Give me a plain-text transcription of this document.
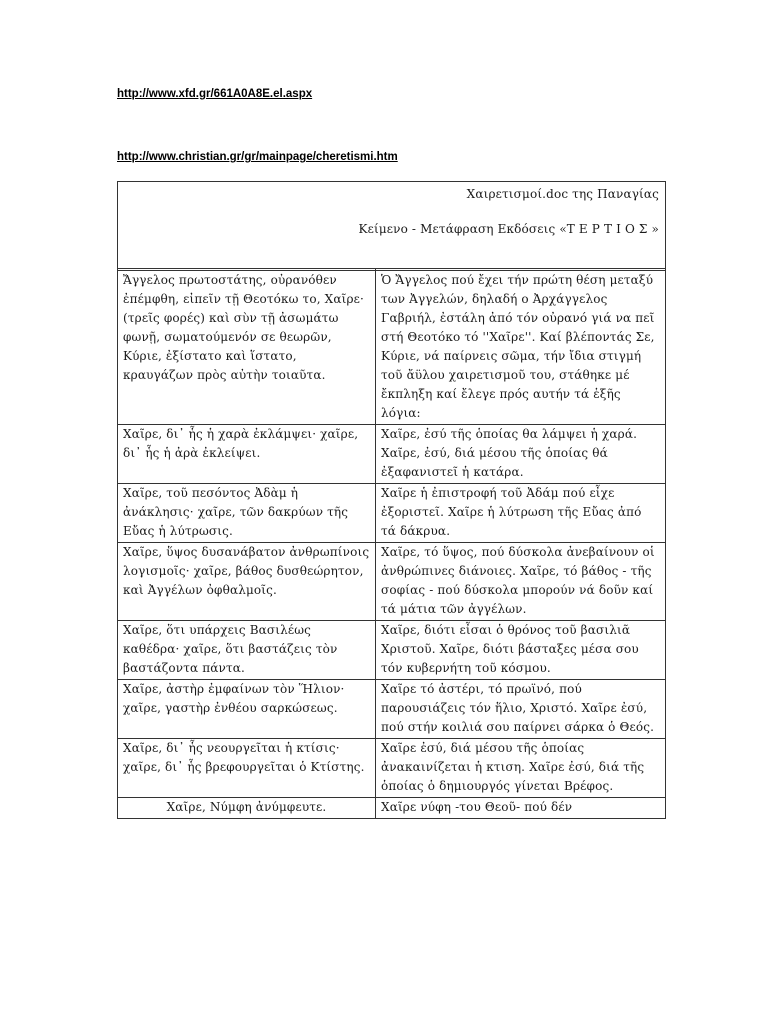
http://www.xfd.gr/661A0A8E.el.aspx
http://www.christian.gr/gr/mainpage/cheretismi.htm
Χαιρετισμοί.doc της Παναγίας
Κείμενο - Μετάφραση Εκδόσεις «Τ Ε Ρ Τ Ι Ο Σ »	

Ἄγγελος πρωτοστάτης, οὐρανόθεν ἐπέμφθη, εἰπεῖν τῇ Θεοτόκω το, Χαῖρε· (τρεῖς φορές) καὶ σὺν τῇ ἀσωμάτω φωνῇ, σωματούμενόν σε θεωρῶν, Κύριε, ἐξίστατο καὶ ἵστατο, κραυγάζων πρὸς αὐτὴν τοιαῦτα.	Ὁ Ἄγγελος πού ἔχει τήν πρώτη θέση μεταξύ των Ἀγγελών, δηλαδή ο Ἀρχάγγελος Γαβριήλ, ἐστάλη ἀπό τόν οὐρανό γιά να πεῖ στή Θεοτόκο τό ''Χαῖρε''. Καί βλέποντάς Σε, Κύριε, νά παίρνεις σῶμα, τήν ἴδια στιγμή τοῦ ἄϋλου χαιρετισμοῦ του, στάθηκε μέ ἔκπληξη καί ἔλεγε πρός αυτήν τά ἑξῆς λόγια:
Χαῖρε, δι᾽ ἧς ἡ χαρὰ ἐκλάμψει· χαῖρε, δι᾽ ἧς ἡ ἀρὰ ἐκλείψει.	Χαῖρε, ἐσύ τῆς ὁποίας θα λάμψει ἡ χαρά. Χαῖρε, ἐσύ, διά μέσου τῆς ὁποίας θά ἐξαφανιστεῖ ἡ κατάρα.
Χαῖρε, τοῦ πεσόντος Ἀδὰμ ἡ ἀνάκλησις· χαῖρε, τῶν δακρύων τῆς Εὔας ἡ λύτρωσις.	Χαῖρε ἡ ἐπιστροφή τοῦ Ἀδάμ πού εἶχε ἐξοριστεῖ. Χαῖρε ἡ λύτρωση τῆς Εὔας ἀπό τά δάκρυα.
Χαῖρε, ὕψος δυσανάβατον ἀνθρωπίνοις λογισμοῖς· χαῖρε, βάθος δυσθεώρητον, καὶ Ἀγγέλων ὀφθαλμοῖς.	Χαῖρε, τό ὕψος, πού δύσκολα ἀνεβαίνουν οἱ ἀνθρώπινες διάνοιες. Χαῖρε, τό βάθος - τῆς σοφίας - πού δύσκολα μπορούν νά δοῦν καί τά μάτια τῶν ἀγγέλων.
Χαῖρε, ὅτι υπάρχεις Βασιλέως καθέδρα· χαῖρε, ὅτι βαστάζεις τὸν βαστάζοντα πάντα.	Χαῖρε, διότι εἶσαι ὁ θρόνος τοῦ βασιλιᾶ Χριστοῦ. Χαῖρε, διότι βάσταξες μέσα σου τόν κυβερνήτη τοῦ κόσμου.
Χαῖρε, ἀστὴρ ἐμφαίνων τὸν Ἥλιον· χαῖρε, γαστὴρ ἐνθέου σαρκώσεως.	Χαῖρε τό ἀστέρι, τό πρωϊνό, πού παρουσιάζεις τόν ἥλιο, Χριστό. Χαῖρε ἐσύ, πού στήν κοιλιά σου παίρνει σάρκα ὁ Θεός.
Χαῖρε, δι᾽ ἧς νεουργεῖται ἡ κτίσις· χαῖρε, δι᾽ ἧς βρεφουργεῖται ὁ Κτίστης.	Χαῖρε ἐσύ, διά μέσου τῆς ὁποίας ἀνακαινίζεται ἡ κτιση. Χαῖρε ἐσύ, διά τῆς ὁποίας ὁ δημιουργός γίνεται Βρέφος.
Χαῖρε, Νύμφη ἀνύμφευτε.	Χαῖρε νύφη -του Θεοῦ- πού δέν
